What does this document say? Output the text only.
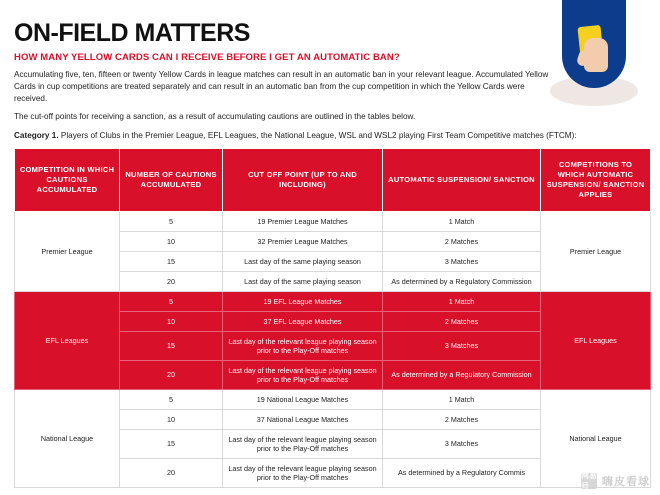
ON-FIELD MATTERS
HOW MANY YELLOW CARDS CAN I RECEIVE BEFORE I GET AN AUTOMATIC BAN?
Accumulating five, ten, fifteen or twenty Yellow Cards in league matches can result in an automatic ban in your relevant league. Accumulated Yellow Cards in cup competitions are treated separately and can result in an automatic ban from the cup competition in which the Yellow Cards were received.
The cut-off points for receiving a sanction, as a result of accumulating cautions are outlined in the tables below.
Category 1. Players of Clubs in the Premier League, EFL Leagues, the National League, WSL and WSL2 playing First Team Competitive matches (FTCM):
COMPETITION IN WHICH CAUTIONS ACCUMULATED	NUMBER OF CAUTIONS ACCUMULATED	CUT OFF POINT (UP TO AND INCLUDING)	AUTOMATIC SUSPENSION/ SANCTION	COMPETITIONS TO WHICH AUTOMATIC SUSPENSION/ SANCTION APPLIES
Premier League	5	19 Premier League Matches	1 Match	Premier League
	10	32 Premier League Matches	2 Matches	
	15	Last day of the same playing season	3 Matches	
	20	Last day of the same playing season	As determined by a Regulatory Commission	
EFL Leagues	5	19 EFL League Matches	1 Match	EFL Leagues
	10	37 EFL League Matches	2 Matches	
	15	Last day of the relevant league playing season prior to the Play-Off matches	3 Matches	
	20	Last day of the relevant league playing season prior to the Play-Off matches	As determined by a Regulatory Commission	
National League	5	19 National League Matches	1 Match	National League
	10	37 National League Matches	2 Matches	
	15	Last day of the relevant league playing season prior to the Play-Off matches	3 Matches	
	20	Last day of the relevant league playing season prior to the Play-Off matches	As determined by a Regulatory Commis		网易号	嗨皮看球
